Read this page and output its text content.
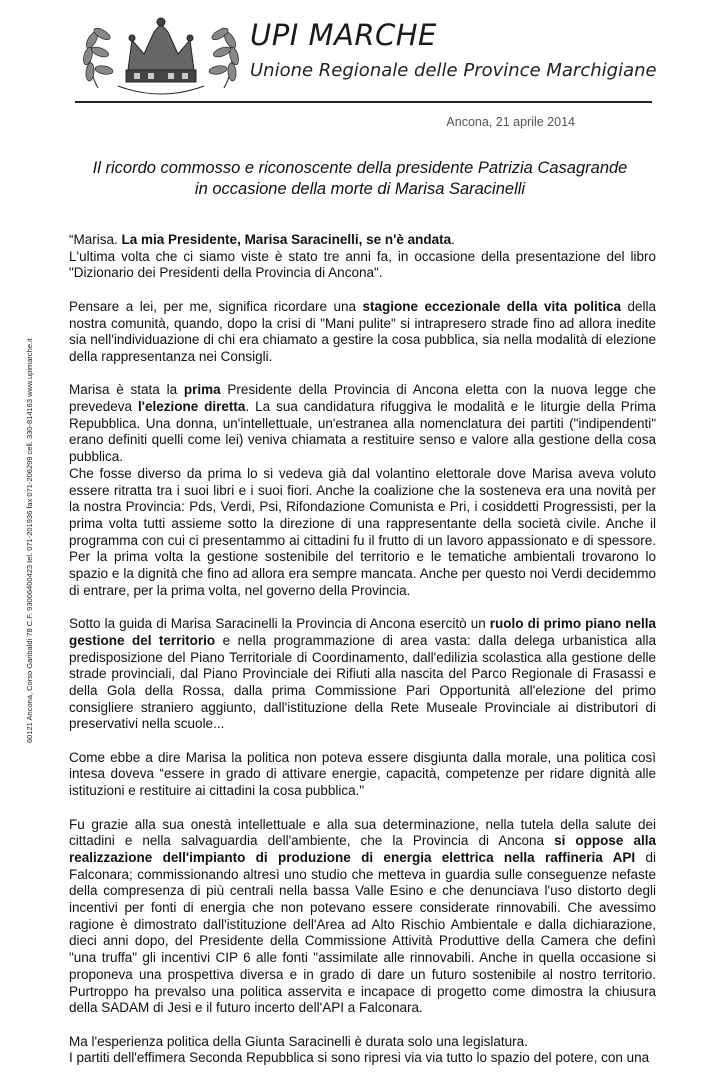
UPI MARCHE
Unione Regionale delle Province Marchigiane
Ancona, 21 aprile 2014
Il ricordo commosso e riconoscente della presidente Patrizia Casagrande
in occasione della morte di Marisa Saracinelli
60121 Ancona, Corso Garibaldi 78 C.F. 93006400423 tel. 071-201936 fax 071-206299 cell. 330-814163 www.upimarche.it

“Marisa. La mia Presidente, Marisa Saracinelli, se n'è andata.
L'ultima volta che ci siamo viste è stato tre anni fa, in occasione della presentazione del libro "Dizionario dei Presidenti della Provincia di Ancona".

Pensare a lei, per me, significa ricordare una stagione eccezionale della vita politica della nostra comunità, quando, dopo la crisi di "Mani pulite" si intrapresero strade fino ad allora inedite sia nell'individuazione di chi era chiamato a gestire la cosa pubblica, sia nella modalità di elezione della rappresentanza nei Consigli.

Marisa è stata la prima Presidente della Provincia di Ancona eletta con la nuova legge che prevedeva l'elezione diretta. La sua candidatura rifuggiva le modalità e le liturgie della Prima Repubblica. Una donna, un'intellettuale, un'estranea alla nomenclatura dei partiti ("indipendenti" erano definiti quelli come lei) veniva chiamata a restituire senso e valore alla gestione della cosa pubblica.

Che fosse diverso da prima lo si vedeva già dal volantino elettorale dove Marisa aveva voluto essere ritratta tra i suoi libri e i suoi fiori. Anche la coalizione che la sosteneva era una novità per la nostra Provincia: Pds, Verdi, Psi, Rifondazione Comunista e Pri, i cosiddetti Progressisti, per la prima volta tutti assieme sotto la direzione di una rappresentante della società civile. Anche il programma con cui ci presentammo ai cittadini fu il frutto di un lavoro appassionato e di spessore. Per la prima volta la gestione sostenibile del territorio e le tematiche ambientali trovarono lo spazio e la dignità che fino ad allora era sempre mancata. Anche per questo noi Verdi decidemmo di entrare, per la prima volta, nel governo della Provincia.

Sotto la guida di Marisa Saracinelli la Provincia di Ancona esercitò un ruolo di primo piano nella gestione del territorio e nella programmazione di area vasta: dalla delega urbanistica alla predisposizione del Piano Territoriale di Coordinamento, dall'edilizia scolastica alla gestione delle strade provinciali, dal Piano Provinciale dei Rifiuti alla nascita del Parco Regionale di Frasassi e della Gola della Rossa, dalla prima Commissione Pari Opportunità all'elezione del primo consigliere straniero aggiunto, dall'istituzione della Rete Museale Provinciale ai distributori di preservativi nella scuole...

Come ebbe a dire Marisa la politica non poteva essere disgiunta dalla morale, una politica così intesa doveva “essere in grado di attivare energie, capacità, competenze per ridare dignità alle istituzioni e restituire ai cittadini la cosa pubblica."

Fu grazie alla sua onestà intellettuale e alla sua determinazione, nella tutela della salute dei cittadini e nella salvaguardia dell'ambiente, che la Provincia di Ancona si oppose alla realizzazione dell'impianto di produzione di energia elettrica nella raffineria API di Falconara; commissionando altresì uno studio che metteva in guardia sulle conseguenze nefaste della compresenza di più centrali nella bassa Valle Esino e che denunciava l'uso distorto degli incentivi per fonti di energia che non potevano essere considerate rinnovabili. Che avessimo ragione è dimostrato dall'istituzione dell'Area ad Alto Rischio Ambientale e dalla dichiarazione, dieci anni dopo, del Presidente della Commissione Attività Produttive della Camera che definì "una truffa" gli incentivi CIP 6 alle fonti "assimilate alle rinnovabili. Anche in quella occasione si proponeva una prospettiva diversa e in grado di dare un futuro sostenibile al nostro territorio. Purtroppo ha prevalso una politica asservita e incapace di progetto come dimostra la chiusura della SADAM di Jesi e il futuro incerto dell'API a Falconara.

Ma l'esperienza politica della Giunta Saracinelli è durata solo una legislatura.
I partiti dell'effimera Seconda Repubblica si sono ripresi via via tutto lo spazio del potere, con una
